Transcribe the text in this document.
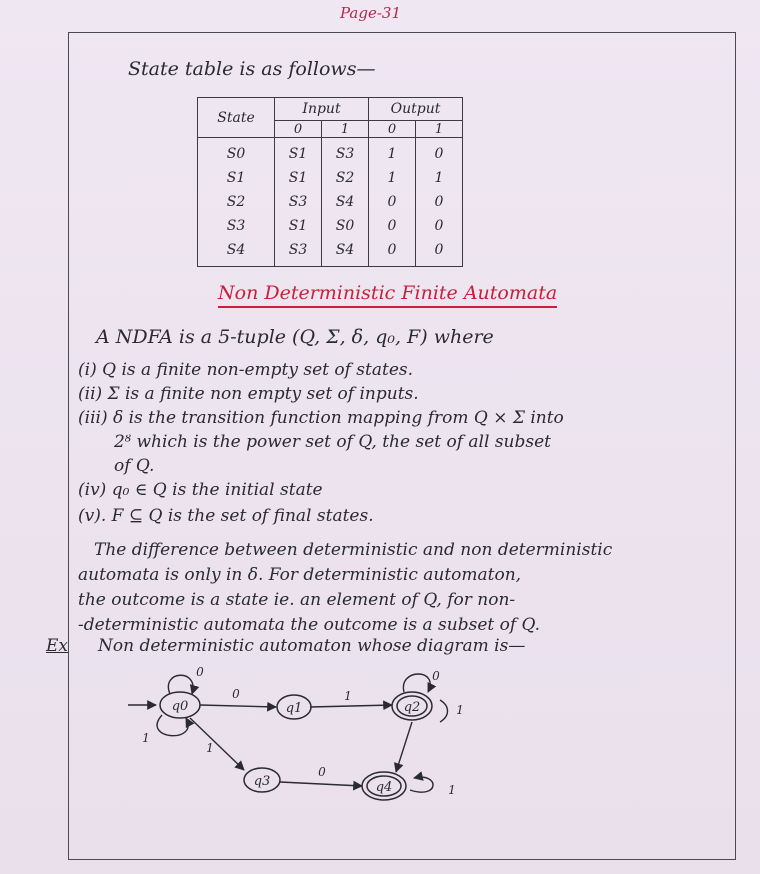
Page-31
State table is as follows—
State	Input		Output	
	0	1	0	1
S0	S1	S3	1	0
S1	S1	S2	1	1
S2	S3	S4	0	0
S3	S1	S0	0	0
S4	S3	S4	0	0
Non Deterministic Finite Automata
A NDFA is a 5-tuple (Q, Σ, δ, q₀, F) where
(i) Q is a finite non-empty set of states.
(ii) Σ is a finite non empty set of inputs.
(iii) δ is the transition function mapping from Q × Σ into
2ᴽ which is the power set of Q, the set of all subset
of Q.
(iv) q₀ ∈ Q is the initial state
(v). F ⊆ Q is the set of final states.
The difference between deterministic and non deterministic
automata is only in δ. For deterministic automaton,
the outcome is a state ie. an element of Q, for non-
-deterministic automata the outcome is a subset of Q.
Ex Non deterministic automaton whose diagram is—
q0	q1	q2
q3	q4
0
1
0	1
1
0
0
1
1
